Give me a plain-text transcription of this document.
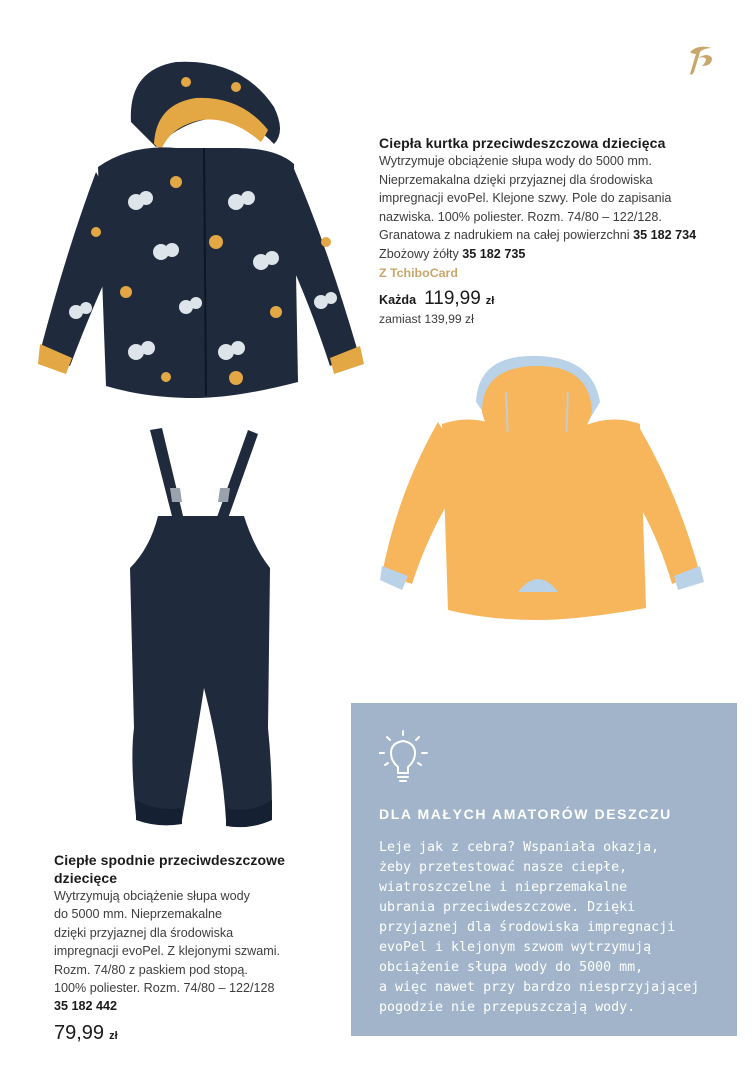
Ciepła kurtka przeciwdeszczowa dziecięca
Wytrzymuje obciążenie słupa wody do 5000 mm.
Nieprzemakalna dzięki przyjaznej dla środowiska
impregnacji evoPel. Klejone szwy. Pole do zapisania
nazwiska. 100% poliester. Rozm. 74/80 – 122/128.
Granatowa z nadrukiem na całej powierzchni 35 182 734
Zbożowy żółty 35 182 735
Z TchiboCard
Każda 119,99 zł
zamiast 139,99 zł
Ciepłe spodnie przeciwdeszczowe
dziecięce
Wytrzymują obciążenie słupa wody
do 5000 mm. Nieprzemakalne
dzięki przyjaznej dla środowiska
impregnacji evoPel. Z klejonymi szwami.
Rozm. 74/80 z paskiem pod stopą.
100% poliester. Rozm. 74/80 – 122/128
35 182 442
79,99 zł
DLA MAŁYCH AMATORÓW DESZCZU
Leje jak z cebra? Wspaniała okazja,
żeby przetestować nasze ciepłe,
wiatroszczelne i nieprzemakalne
ubrania przeciwdeszczowe. Dzięki
przyjaznej dla środowiska impregnacji
evoPel i klejonym szwom wytrzymują
obciążenie słupa wody do 5000 mm,
a więc nawet przy bardzo niesprzyjającej
pogodzie nie przepuszczają wody.
